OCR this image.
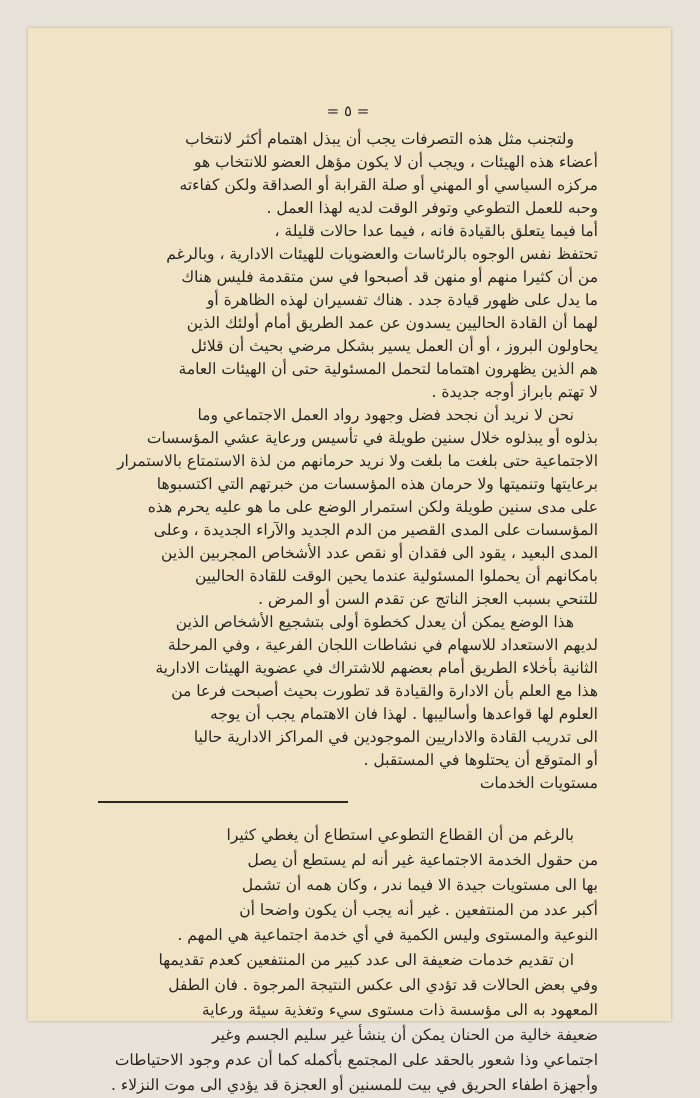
= ٥ =
ولتجنب مثل هذه التصرفات يجب أن يبذل اهتمام أكثر لانتخاب
أعضاء هذه الهيئات ، ويجب أن لا يكون مؤهل العضو للانتخاب هو
مركزه السياسي أو المهني أو صلة القرابة أو الصداقة ولكن كفاءته
وحبه للعمل التطوعي وتوفر الوقت لديه لهذا العمل .
أما فيما يتعلق بالقيادة فانه ، فيما عدا حالات قليلة ،
تحتفظ نفس الوجوه بالرئاسات والعضويات للهيئات الادارية ، وبالرغم
من أن كثيرا منهم أو منهن قد أصبحوا في سن متقدمة فليس هناك
ما يدل على ظهور قيادة جدد . هناك تفسيران لهذه الظاهرة أو
لهما أن القادة الحاليين يسدون عن عمد الطريق أمام أولئك الذين
يحاولون البروز ، أو أن العمل يسير بشكل مرضي بحيث أن قلائل
هم الذين يظهرون اهتماما لتحمل المسئولية حتى أن الهيئات العامة
لا تهتم بابراز أوجه جديدة .
نحن لا نريد أن نجحد فضل وجهود رواد العمل الاجتماعي وما
بذلوه أو يبذلوه خلال سنين طويلة في تأسيس ورعاية عشي المؤسسات
الاجتماعية حتى بلغت ما بلغت ولا نريد حرمانهم من لذة الاستمتاع بالاستمرار
برعايتها وتنميتها ولا حرمان هذه المؤسسات من خبرتهم التي اكتسبوها
على مدى سنين طويلة ولكن استمرار الوضع على ما هو عليه يحرم هذه
المؤسسات على المدى القصير من الدم الجديد والآراء الجديدة ، وعلى
المدى البعيد ، يقود الى فقدان أو نقص عدد الأشخاص المجربين الذين
بامكانهم أن يحملوا المسئولية عندما يحين الوقت للقادة الحاليين
للتنحي بسبب العجز الناتج عن تقدم السن أو المرض .
هذا الوضع يمكن أن يعدل كخطوة أولى بتشجيع الأشخاص الذين
لديهم الاستعداد للاسهام في نشاطات اللجان الفرعية ، وفي المرحلة
الثانية بأخلاء الطريق أمام بعضهم للاشتراك في عضوية الهيئات الادارية
هذا مع العلم بأن الادارة والقيادة قد تطورت بحيث أصبحت فرعا من
العلوم لها قواعدها وأساليبها . لهذا فان الاهتمام يجب أن يوجه
الى تدريب القادة والاداريين الموجودين في المراكز الادارية حاليا
أو المتوقع أن يحتلوها في المستقبل .
مستويات الخدمات
بالرغم من أن القطاع التطوعي استطاع أن يغطي كثيرا
من حقول الخدمة الاجتماعية غير أنه لم يستطع أن يصل
بها الى مستويات جيدة الا فيما ندر ، وكان همه أن تشمل
أكبر عدد من المنتفعين . غير أنه يجب أن يكون واضحا أن
النوعية والمستوى وليس الكمية في أي خدمة اجتماعية هي المهم .
ان تقديم خدمات ضعيفة الى عدد كبير من المنتفعين كعدم تقديمها
وفي بعض الحالات قد تؤدي الى عكس النتيجة المرجوة . فان الطفل
المعهود به الى مؤسسة ذات مستوى سيء وتغذية سيئة ورعاية
ضعيفة خالية من الحنان يمكن أن ينشأ غير سليم الجسم وغير
اجتماعي وذا شعور بالحقد على المجتمع بأكمله كما أن عدم وجود الاحتياطات
وأجهزة اطفاء الحريق في بيت للمسنين أو العجزة قد يؤدي الى موت النزلاء .
